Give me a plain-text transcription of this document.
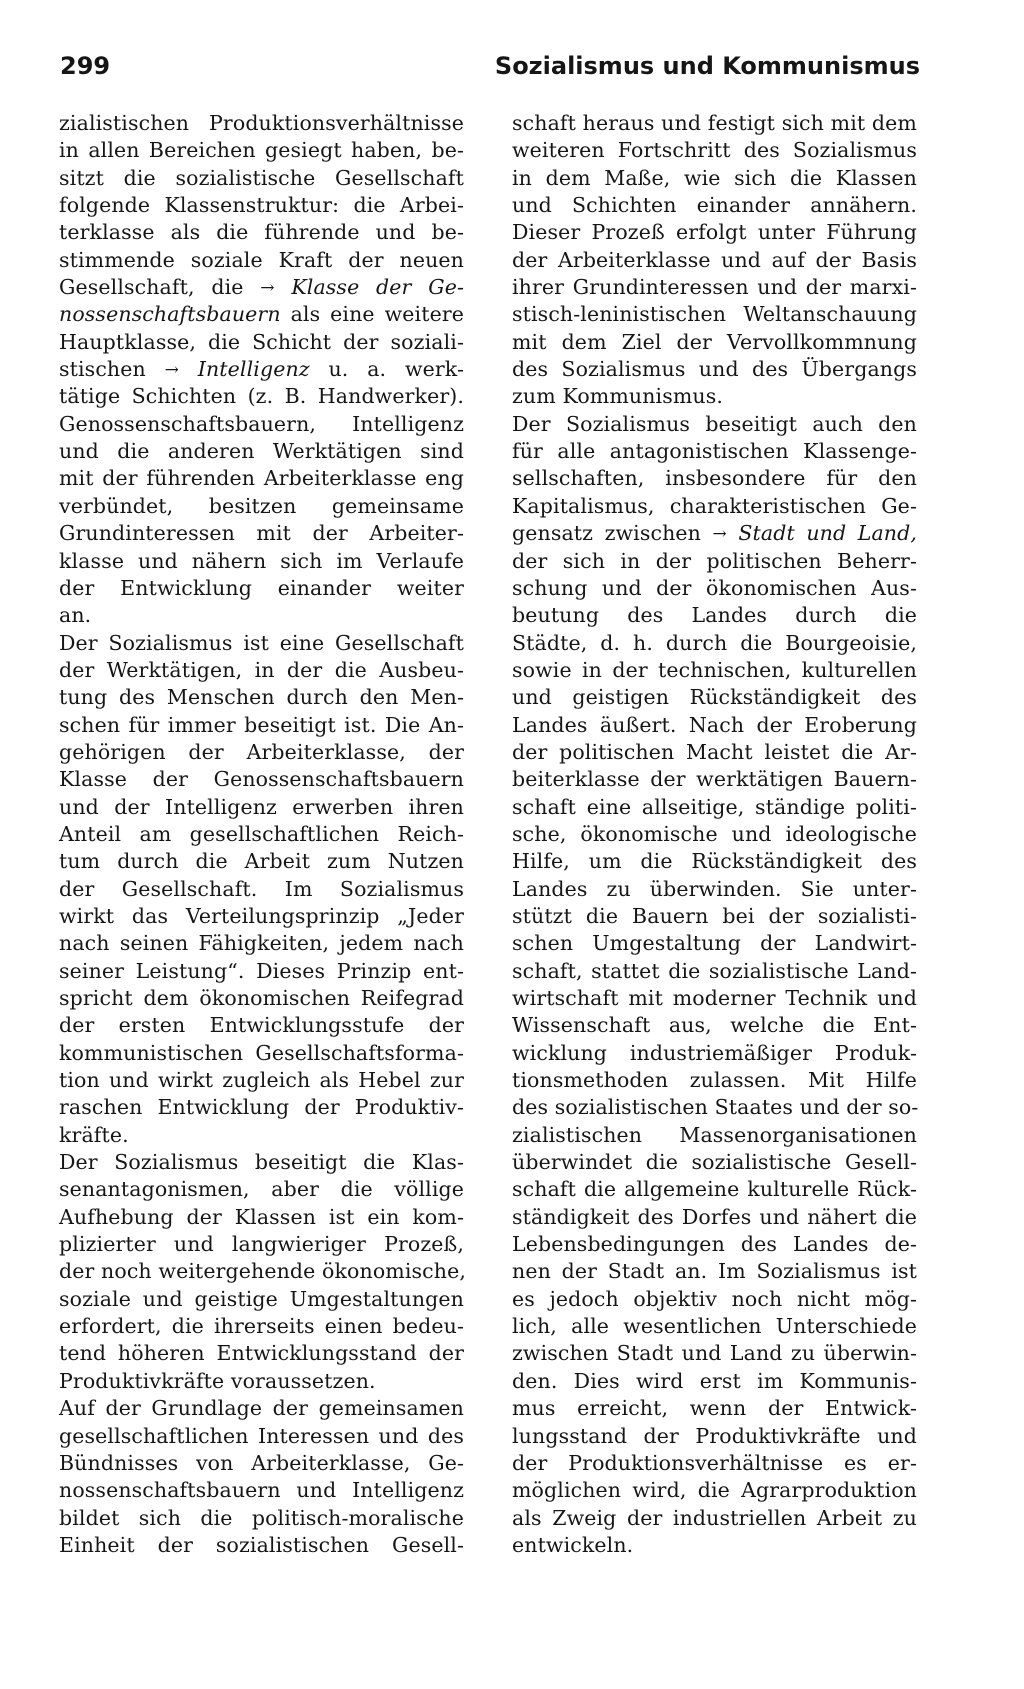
299	Sozialismus und Kommunismus
zialistischen Produktionsverhältnisse
in allen Bereichen gesiegt haben, be-
sitzt die sozialistische Gesellschaft
folgende Klassenstruktur: die Arbei-
terklasse als die führende und be-
stimmende soziale Kraft der neuen
Gesellschaft, die → Klasse der Ge-
nossenschaftsbauern als eine weitere
Hauptklasse, die Schicht der soziali-
stischen → Intelligenz u. a. werk-
tätige Schichten (z. B. Handwerker).
Genossenschaftsbauern, Intelligenz
und die anderen Werktätigen sind
mit der führenden Arbeiterklasse eng
verbündet, besitzen gemeinsame
Grundinteressen mit der Arbeiter-
klasse und nähern sich im Verlaufe
der Entwicklung einander weiter
an.
Der Sozialismus ist eine Gesellschaft
der Werktätigen, in der die Ausbeu-
tung des Menschen durch den Men-
schen für immer beseitigt ist. Die An-
gehörigen der Arbeiterklasse, der
Klasse der Genossenschaftsbauern
und der Intelligenz erwerben ihren
Anteil am gesellschaftlichen Reich-
tum durch die Arbeit zum Nutzen
der Gesellschaft. Im Sozialismus
wirkt das Verteilungsprinzip „Jeder
nach seinen Fähigkeiten, jedem nach
seiner Leistung“. Dieses Prinzip ent-
spricht dem ökonomischen Reifegrad
der ersten Entwicklungsstufe der
kommunistischen Gesellschaftsforma-
tion und wirkt zugleich als Hebel zur
raschen Entwicklung der Produktiv-
kräfte.
Der Sozialismus beseitigt die Klas-
senantagonismen, aber die völlige
Aufhebung der Klassen ist ein kom-
plizierter und langwieriger Prozeß,
der noch weitergehende ökonomische,
soziale und geistige Umgestaltungen
erfordert, die ihrerseits einen bedeu-
tend höheren Entwicklungsstand der
Produktivkräfte voraussetzen.
Auf der Grundlage der gemeinsamen
gesellschaftlichen Interessen und des
Bündnisses von Arbeiterklasse, Ge-
nossenschaftsbauern und Intelligenz
bildet sich die politisch-moralische
Einheit der sozialistischen Gesell-
schaft heraus und festigt sich mit dem
weiteren Fortschritt des Sozialismus
in dem Maße, wie sich die Klassen
und Schichten einander annähern.
Dieser Prozeß erfolgt unter Führung
der Arbeiterklasse und auf der Basis
ihrer Grundinteressen und der marxi-
stisch-leninistischen Weltanschauung
mit dem Ziel der Vervollkommnung
des Sozialismus und des Übergangs
zum Kommunismus.
Der Sozialismus beseitigt auch den
für alle antagonistischen Klassenge-
sellschaften, insbesondere für den
Kapitalismus, charakteristischen Ge-
gensatz zwischen → Stadt und Land,
der sich in der politischen Beherr-
schung und der ökonomischen Aus-
beutung des Landes durch die
Städte, d. h. durch die Bourgeoisie,
sowie in der technischen, kulturellen
und geistigen Rückständigkeit des
Landes äußert. Nach der Eroberung
der politischen Macht leistet die Ar-
beiterklasse der werktätigen Bauern-
schaft eine allseitige, ständige politi-
sche, ökonomische und ideologische
Hilfe, um die Rückständigkeit des
Landes zu überwinden. Sie unter-
stützt die Bauern bei der sozialisti-
schen Umgestaltung der Landwirt-
schaft, stattet die sozialistische Land-
wirtschaft mit moderner Technik und
Wissenschaft aus, welche die Ent-
wicklung industriemäßiger Produk-
tionsmethoden zulassen. Mit Hilfe
des sozialistischen Staates und der so-
zialistischen Massenorganisationen
überwindet die sozialistische Gesell-
schaft die allgemeine kulturelle Rück-
ständigkeit des Dorfes und nähert die
Lebensbedingungen des Landes de-
nen der Stadt an. Im Sozialismus ist
es jedoch objektiv noch nicht mög-
lich, alle wesentlichen Unterschiede
zwischen Stadt und Land zu überwin-
den. Dies wird erst im Kommunis-
mus erreicht, wenn der Entwick-
lungsstand der Produktivkräfte und
der Produktionsverhältnisse es er-
möglichen wird, die Agrarproduktion
als Zweig der industriellen Arbeit zu
entwickeln.
